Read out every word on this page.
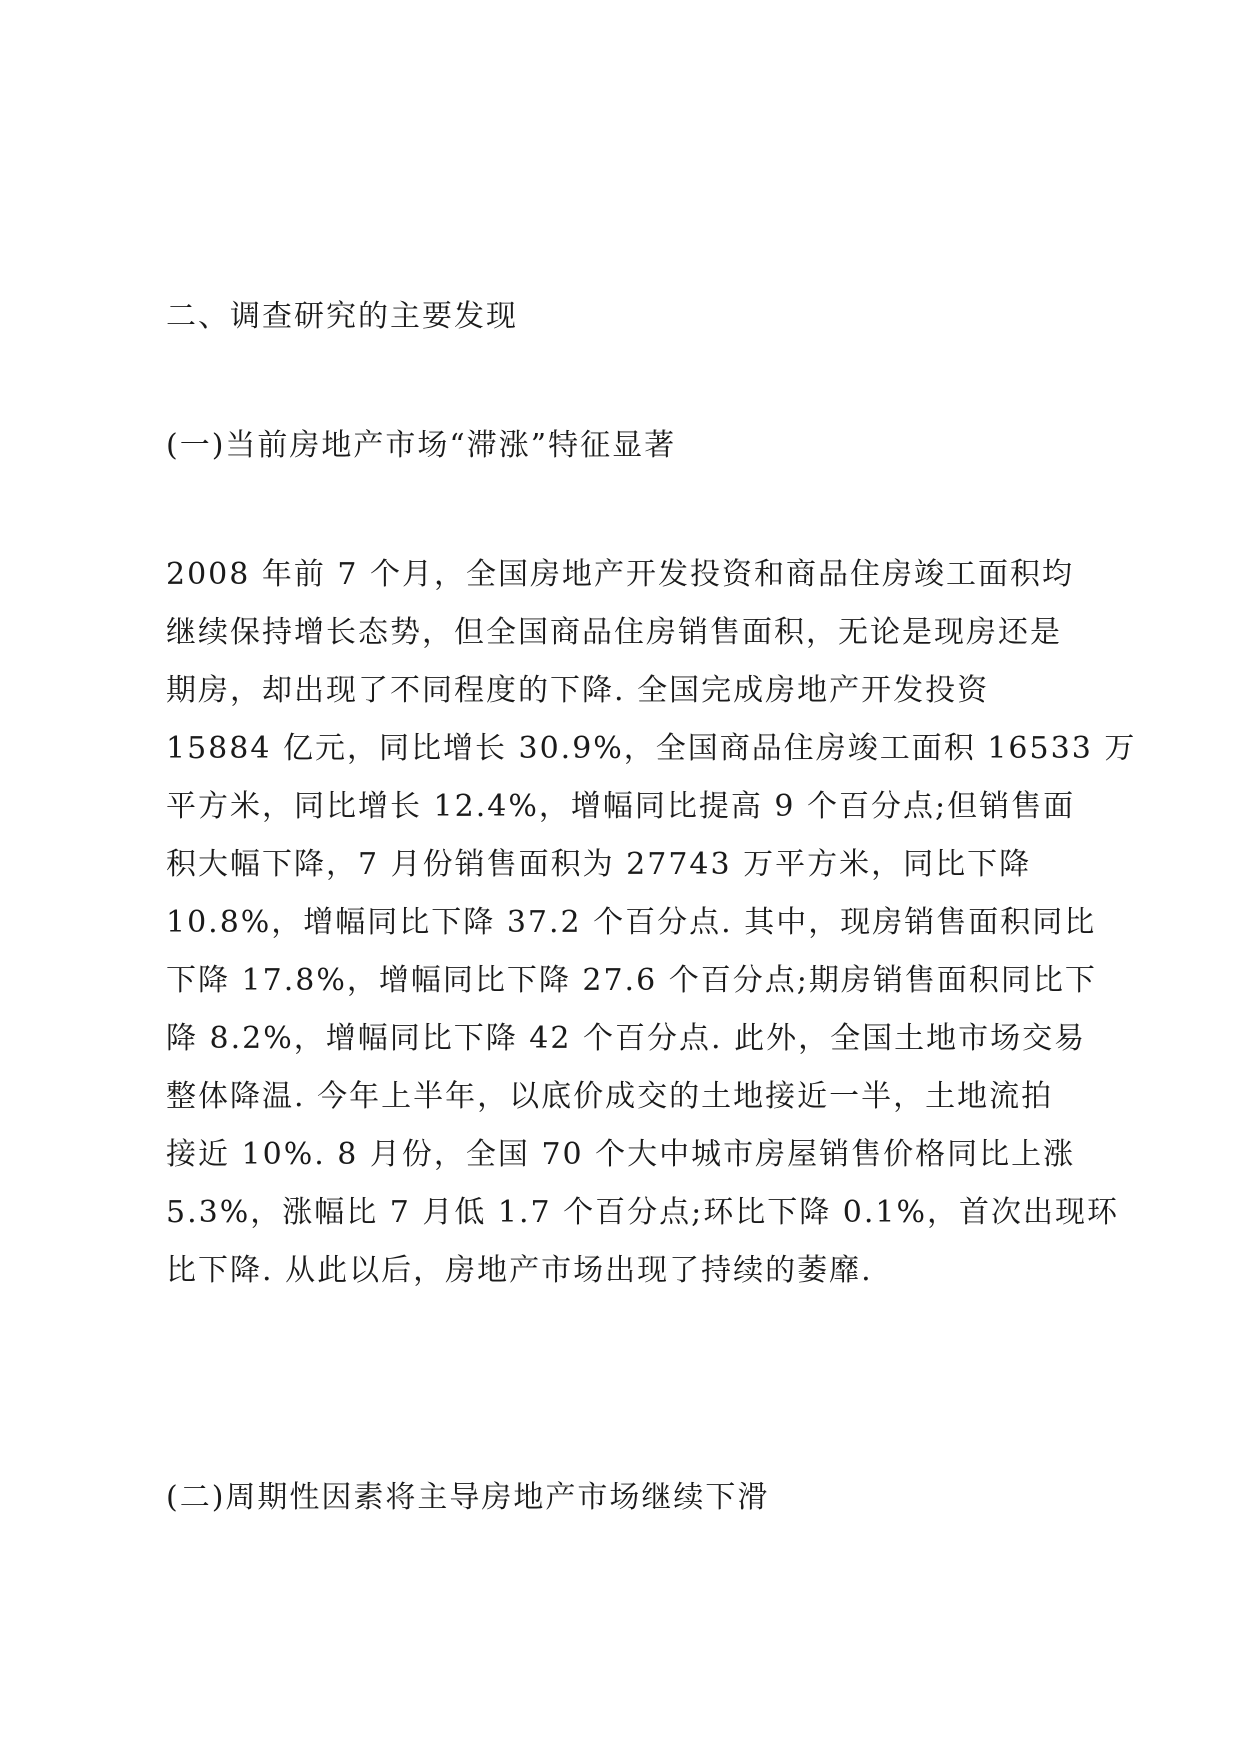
二、调查研究的主要发现
(一)当前房地产市场“滞涨”特征显著
2008 年前 7 个月，全国房地产开发投资和商品住房竣工面积均
继续保持增长态势，但全国商品住房销售面积，无论是现房还是
期房，却出现了不同程度的下降. 全国完成房地产开发投资
15884 亿元，同比增长 30.9%，全国商品住房竣工面积 16533 万
平方米，同比增长 12.4%，增幅同比提高 9 个百分点;但销售面
积大幅下降，7 月份销售面积为 27743 万平方米，同比下降
10.8%，增幅同比下降 37.2 个百分点. 其中，现房销售面积同比
下降 17.8%，增幅同比下降 27.6 个百分点;期房销售面积同比下
降 8.2%，增幅同比下降 42 个百分点. 此外，全国土地市场交易
整体降温. 今年上半年，以底价成交的土地接近一半，土地流拍
接近 10%. 8 月份，全国 70 个大中城市房屋销售价格同比上涨
5.3%，涨幅比 7 月低 1.7 个百分点;环比下降 0.1%，首次出现环
比下降. 从此以后，房地产市场出现了持续的萎靡.
(二)周期性因素将主导房地产市场继续下滑
